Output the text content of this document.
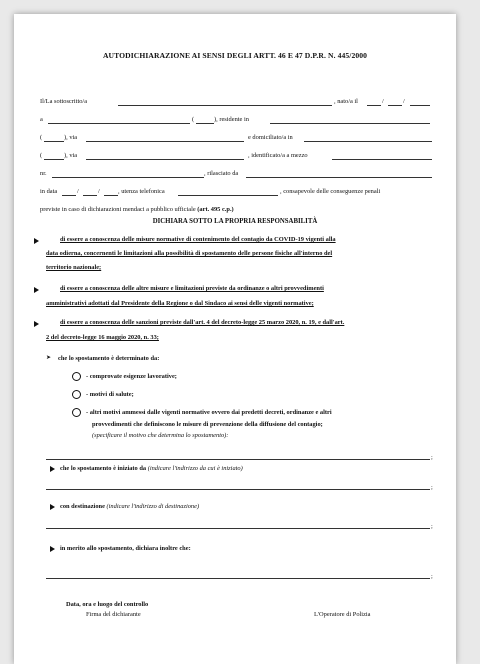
AUTODICHIARAZIONE AI SENSI DEGLI ARTT. 46 E 47 D.P.R. N. 445/2000
Il/La sottoscritto/a	, nato/a il	/	/
a	(	), residente in
(	), via	e domiciliato/a in
(	), via	, identificato/a a mezzo
nr.	, rilasciato da
in data	/	/	, utenza telefonica	, consapevole delle conseguenze penali
previste in caso di dichiarazioni mendaci a pubblico ufficiale (art. 495 c.p.)
DICHIARA SOTTO LA PROPRIA RESPONSABILITÀ
di essere a conoscenza delle misure normative di contenimento del contagio da COVID-19 vigenti alla
data odierna, concernenti le limitazioni alla possibilità di spostamento delle persone fisiche all'interno del
territorio nazionale;
di essere a conoscenza delle altre misure e limitazioni previste da ordinanze o altri provvedimenti
amministrativi adottati dal Presidente della Regione o dal Sindaco ai sensi delle vigenti normative;
di essere a conoscenza delle sanzioni previste dall'art. 4 del decreto-legge 25 marzo 2020, n. 19, e dall'art.
2 del decreto-legge 16 maggio 2020, n. 33;
➤ che lo spostamento è determinato da:
- comprovate esigenze lavorative;
- motivi di salute;
- altri motivi ammessi dalle vigenti normative ovvero dai predetti decreti, ordinanze e altri
provvedimenti che definiscono le misure di prevenzione della diffusione del contagio;
(specificare il motivo che determina lo spostamento):
;
che lo spostamento è iniziato da (indicare l'indirizzo da cui è iniziato)
;
con destinazione (indicare l'indirizzo di destinazione)
;
in merito allo spostamento, dichiara inoltre che:
;
Data, ora e luogo del controllo
Firma del dichiarante	L'Operatore di Polizia
